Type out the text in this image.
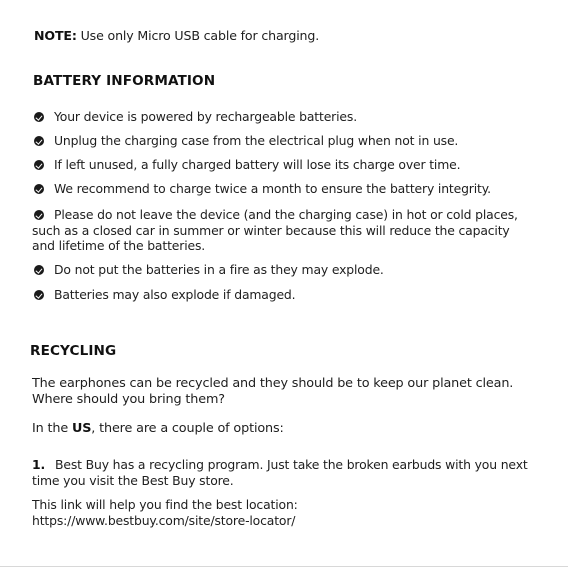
NOTE: Use only Micro USB cable for charging.
BATTERY INFORMATION
Your device is powered by rechargeable batteries.
Unplug the charging case from the electrical plug when not in use.
If left unused, a fully charged battery will lose its charge over time.
We recommend to charge twice a month to ensure the battery integrity.
Please do not leave the device (and the charging case) in hot or cold places, such as a closed car in summer or winter because this will reduce the capacity and lifetime of the batteries.
Do not put the batteries in a fire as they may explode.
Batteries may also explode if damaged.
RECYCLING
The earphones can be recycled and they should be to keep our planet clean. Where should you bring them?
In the US, there are a couple of options:
1. Best Buy has a recycling program. Just take the broken earbuds with you next time you visit the Best Buy store.
This link will help you find the best location:
https://www.bestbuy.com/site/store-locator/
